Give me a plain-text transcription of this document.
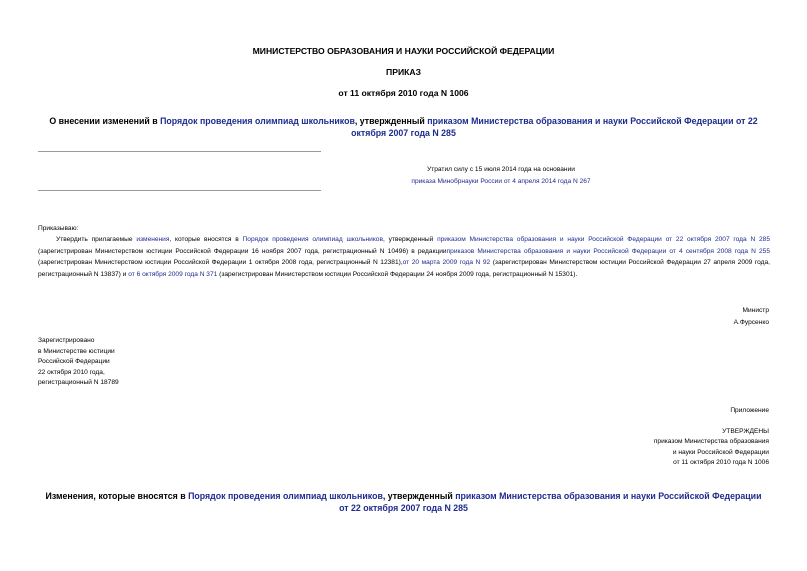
МИНИСТЕРСТВО ОБРАЗОВАНИЯ И НАУКИ РОССИЙСКОЙ ФЕДЕРАЦИИ
ПРИКАЗ
от 11 октября 2010 года N 1006
О внесении изменений в Порядок проведения олимпиад школьников, утвержденный приказом Министерства образования и науки Российской Федерации от 22 октября 2007 года N 285
Утратил силу с 15 июля 2014 года на основании
приказа Минобрнауки России от 4 апреля 2014 года N 267

Приказываю:

Утвердить прилагаемые изменения, которые вносятся в Порядок проведения олимпиад школьников, утвержденный приказом Министерства образования и науки Российской Федерации от 22 октября 2007 года N 285 (зарегистрирован Министерством юстиции Российской Федерации 16 ноября 2007 года, регистрационный N 10496) в редакцииприказов Министерства образования и науки Российской Федерации от 4 сентября 2008 года N 255 (зарегистрирован Министерством юстиции Российской Федерации 1 октября 2008 года, регистрационный N 12381),от 20 марта 2009 года N 92 (зарегистрирован Министерством юстиции Российской Федерации 27 апреля 2009 года, регистрационный N 13837) и от 6 октября 2009 года N 371 (зарегистрирован Министерством юстиции Российской Федерации 24 ноября 2009 года, регистрационный N 15301).

Министр
А.Фурсенко
Зарегистрировано
в Министерстве юстиции
Российской Федерации
22 октября 2010 года,
регистрационный N 18789
Приложение
УТВЕРЖДЕНЫ
приказом Министерства образования
и науки Российской Федерации
от 11 октября 2010 года N 1006
Изменения, которые вносятся в Порядок проведения олимпиад школьников, утвержденный приказом Министерства образования и науки Российской Федерации от 22 октября 2007 года N 285
